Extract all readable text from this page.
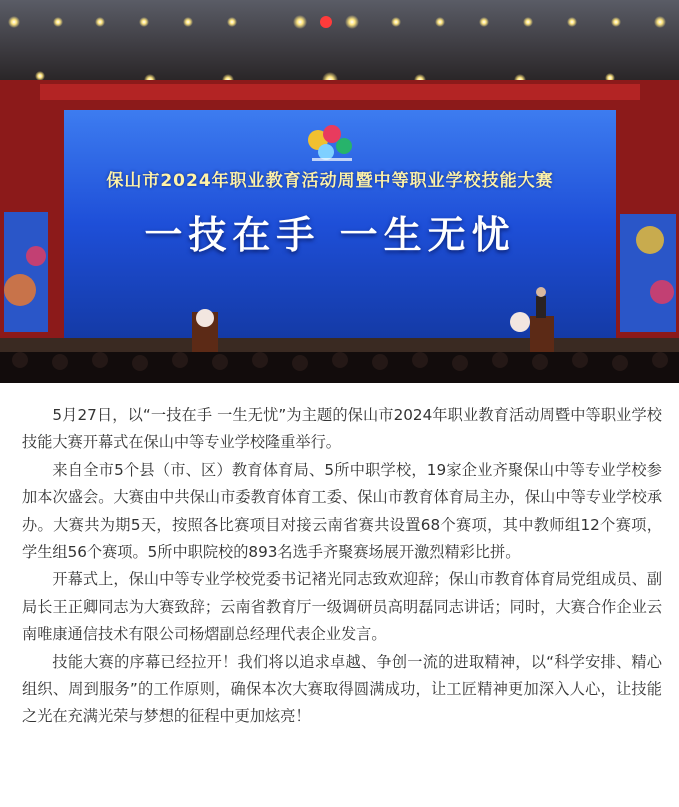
保山市2024年职业教育活动周暨中等职业学校技能大赛
一技在手 一生无忧

5月27日，以“一技在手 一生无忧”为主题的保山市2024年职业教育活动周暨中等职业学校技能大赛开幕式在保山中等专业学校隆重举行。

来自全市5个县（市、区）教育体育局、5所中职学校，19家企业齐聚保山中等专业学校参加本次盛会。大赛由中共保山市委教育体育工委、保山市教育体育局主办，保山中等专业学校承办。大赛共为期5天，按照各比赛项目对接云南省赛共设置68个赛项，其中教师组12个赛项，学生组56个赛项。5所中职院校的893名选手齐聚赛场展开激烈精彩比拼。

开幕式上，保山中等专业学校党委书记褚光同志致欢迎辞；保山市教育体育局党组成员、副局长王正卿同志为大赛致辞；云南省教育厅一级调研员高明磊同志讲话；同时，大赛合作企业云南唯康通信技术有限公司杨熠副总经理代表企业发言。

技能大赛的序幕已经拉开！我们将以追求卓越、争创一流的进取精神，以“科学安排、精心组织、周到服务”的工作原则，确保本次大赛取得圆满成功，让工匠精神更加深入人心，让技能之光在充满光荣与梦想的征程中更加炫亮！
